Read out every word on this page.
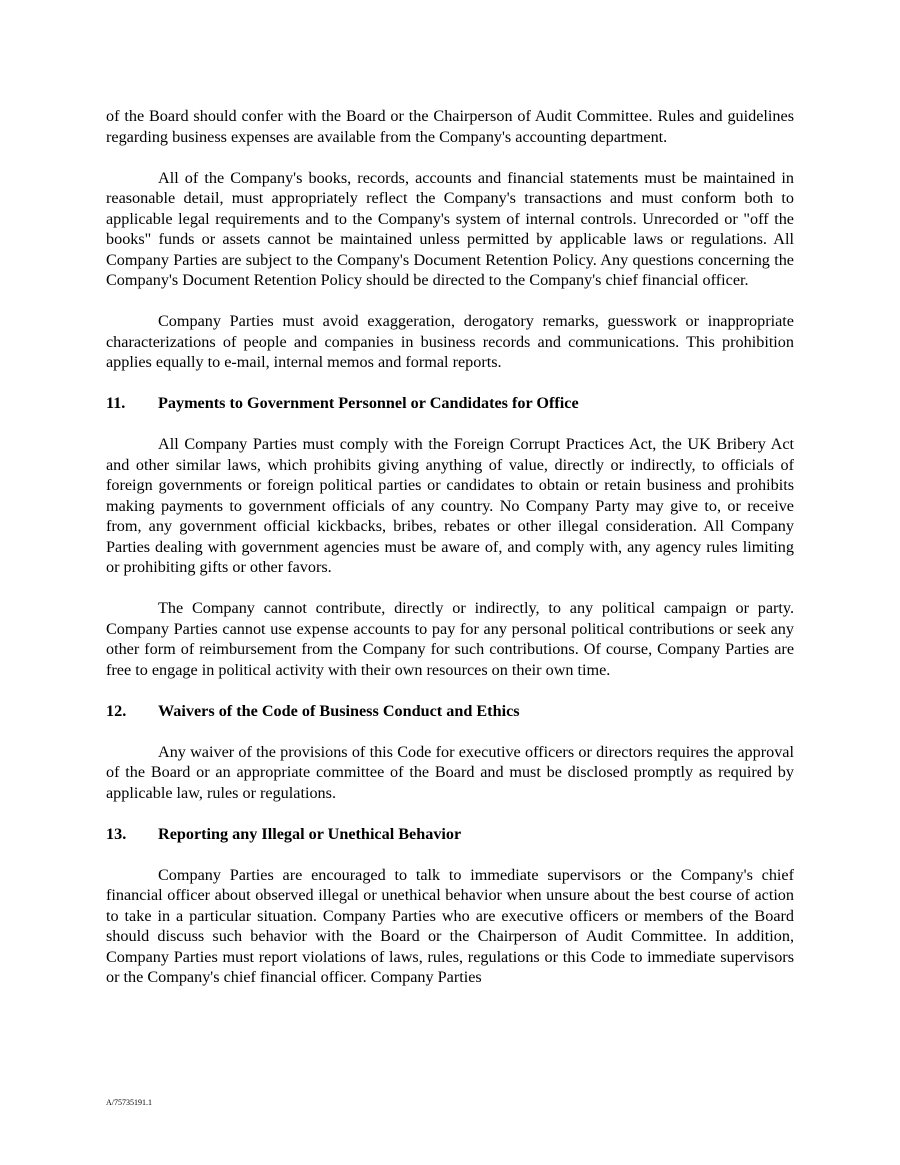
of the Board should confer with the Board or the Chairperson of Audit Committee. Rules and guidelines regarding business expenses are available from the Company's accounting department.

All of the Company's books, records, accounts and financial statements must be maintained in reasonable detail, must appropriately reflect the Company's transactions and must conform both to applicable legal requirements and to the Company's system of internal controls. Unrecorded or "off the books" funds or assets cannot be maintained unless permitted by applicable laws or regulations. All Company Parties are subject to the Company's Document Retention Policy. Any questions concerning the Company's Document Retention Policy should be directed to the Company's chief financial officer.

Company Parties must avoid exaggeration, derogatory remarks, guesswork or inappropriate characterizations of people and companies in business records and communications. This prohibition applies equally to e-mail, internal memos and formal reports.

11.	Payments to Government Personnel or Candidates for Office

All Company Parties must comply with the Foreign Corrupt Practices Act, the UK Bribery Act and other similar laws, which prohibits giving anything of value, directly or indirectly, to officials of foreign governments or foreign political parties or candidates to obtain or retain business and prohibits making payments to government officials of any country. No Company Party may give to, or receive from, any government official kickbacks, bribes, rebates or other illegal consideration. All Company Parties dealing with government agencies must be aware of, and comply with, any agency rules limiting or prohibiting gifts or other favors.

The Company cannot contribute, directly or indirectly, to any political campaign or party. Company Parties cannot use expense accounts to pay for any personal political contributions or seek any other form of reimbursement from the Company for such contributions. Of course, Company Parties are free to engage in political activity with their own resources on their own time.

12.	Waivers of the Code of Business Conduct and Ethics

Any waiver of the provisions of this Code for executive officers or directors requires the approval of the Board or an appropriate committee of the Board and must be disclosed promptly as required by applicable law, rules or regulations.

13.	Reporting any Illegal or Unethical Behavior

Company Parties are encouraged to talk to immediate supervisors or the Company's chief financial officer about observed illegal or unethical behavior when unsure about the best course of action to take in a particular situation. Company Parties who are executive officers or members of the Board should discuss such behavior with the Board or the Chairperson of Audit Committee. In addition, Company Parties must report violations of laws, rules, regulations or this Code to immediate supervisors or the Company's chief financial officer. Company Parties

A/75735191.1
